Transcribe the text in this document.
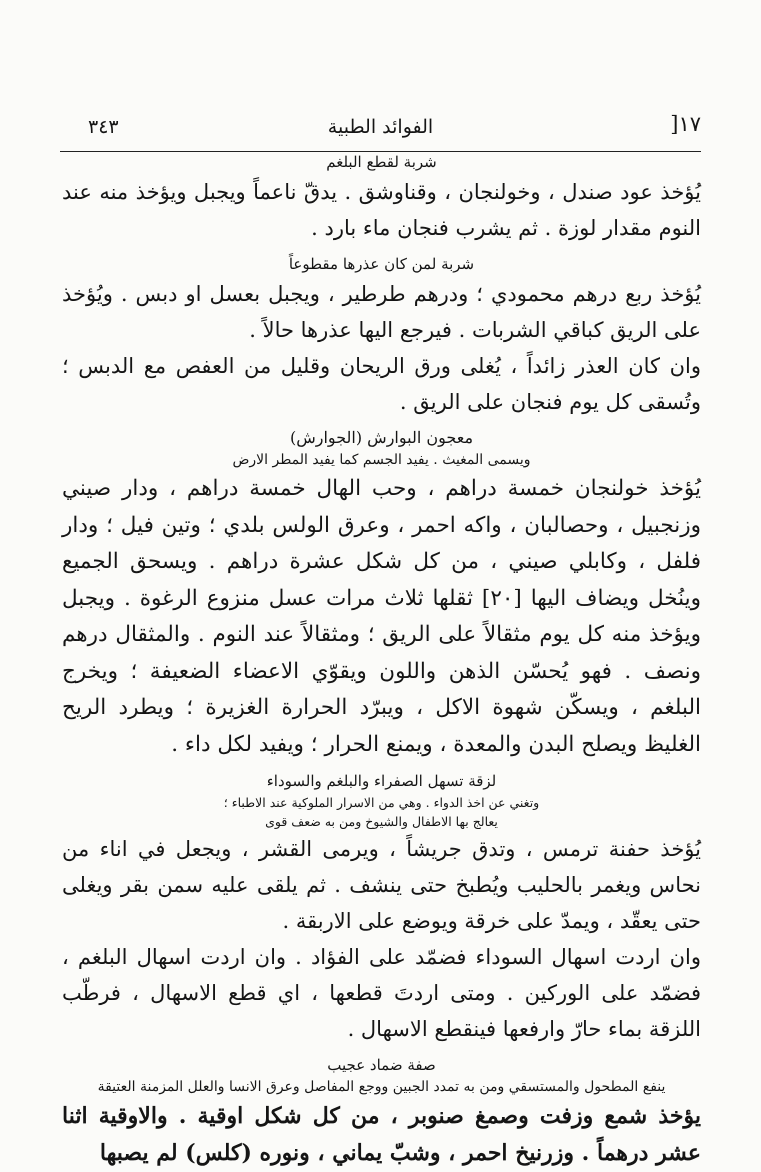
٣٤٣	الفوائد الطبية	]١٧

شربة لقطع البلغم

يُؤخذ عود صندل ، وخولنجان ، وقناوشق . يدقّ ناعماً ويجبل ويؤخذ منه عند النوم مقدار لوزة . ثم يشرب فنجان ماء بارد .

شربة لمن كان عذرها مقطوعاً

يُؤخذ ربع درهم محمودي ؛ ودرهم طرطير ، ويجبل بعسل او دبس . ويُؤخذ على الريق كباقي الشربات . فيرجع اليها عذرها حالاً .

وان كان العذر زائداً ، يُغلى ورق الريحان وقليل من العفص مع الدبس ؛ وتُسقى كل يوم فنجان على الريق .

معجون البوارش (الجوارش)

ويسمى المغيث . يفيد الجسم كما يفيد المطر الارض

يُؤخذ خولنجان خمسة دراهم ، وحب الهال خمسة دراهم ، ودار صيني وزنجبيل ، وحصالبان ، واكه احمر ، وعرق الولس بلدي ؛ وتين فيل ؛ ودار فلفل ، وكابلي صيني ، من كل شكل عشرة دراهم . ويسحق الجميع وينُخل ويضاف اليها [٢٠] ثقلها ثلاث مرات عسل منزوع الرغوة . ويجبل ويؤخذ منه كل يوم مثقالاً على الريق ؛ ومثقالاً عند النوم . والمثقال درهم ونصف . فهو يُحسّن الذهن واللون ويقوّي الاعضاء الضعيفة ؛ ويخرج البلغم ، ويسكّن شهوة الاكل ، ويبرّد الحرارة الغزيرة ؛ ويطرد الريح الغليظ ويصلح البدن والمعدة ، ويمنع الحرار ؛ ويفيد لكل داء .

لزقة تسهل الصفراء والبلغم والسوداء

وتغني عن اخذ الدواء . وهي من الاسرار الملوكية عند الاطباء ؛

يعالج بها الاطفال والشيوخ ومن به ضعف قوى

يُؤخذ حفنة ترمس ، وتدق جريشاً ، ويرمى القشر ، ويجعل في اناء من نحاس ويغمر بالحليب ويُطبخ حتى ينشف . ثم يلقى عليه سمن بقر ويغلى حتى يعقّد ، ويمدّ على خرقة ويوضع على الاربقة .

وان اردت اسهال السوداء فضمّد على الفؤاد . وان اردت اسهال البلغم ، فضمّد على الوركين . ومتى اردتَ قطعها ، اي قطع الاسهال ، فرطّب اللزقة بماء حارّ وارفعها فينقطع الاسهال .

صفة ضماد عجيب

ينفع المطحول والمستسقي ومن به تمدد الجبين ووجع المفاصل وعرق الانسا والعلل المزمنة العتيقة

يؤخذ شمع وزفت وصمغ صنوبر ، من كل شكل اوقية . والاوقية اثنا عشر درهماً . وزرنيخ احمر ، وشبّ يماني ، ونوره (كلس) لم يصبها
